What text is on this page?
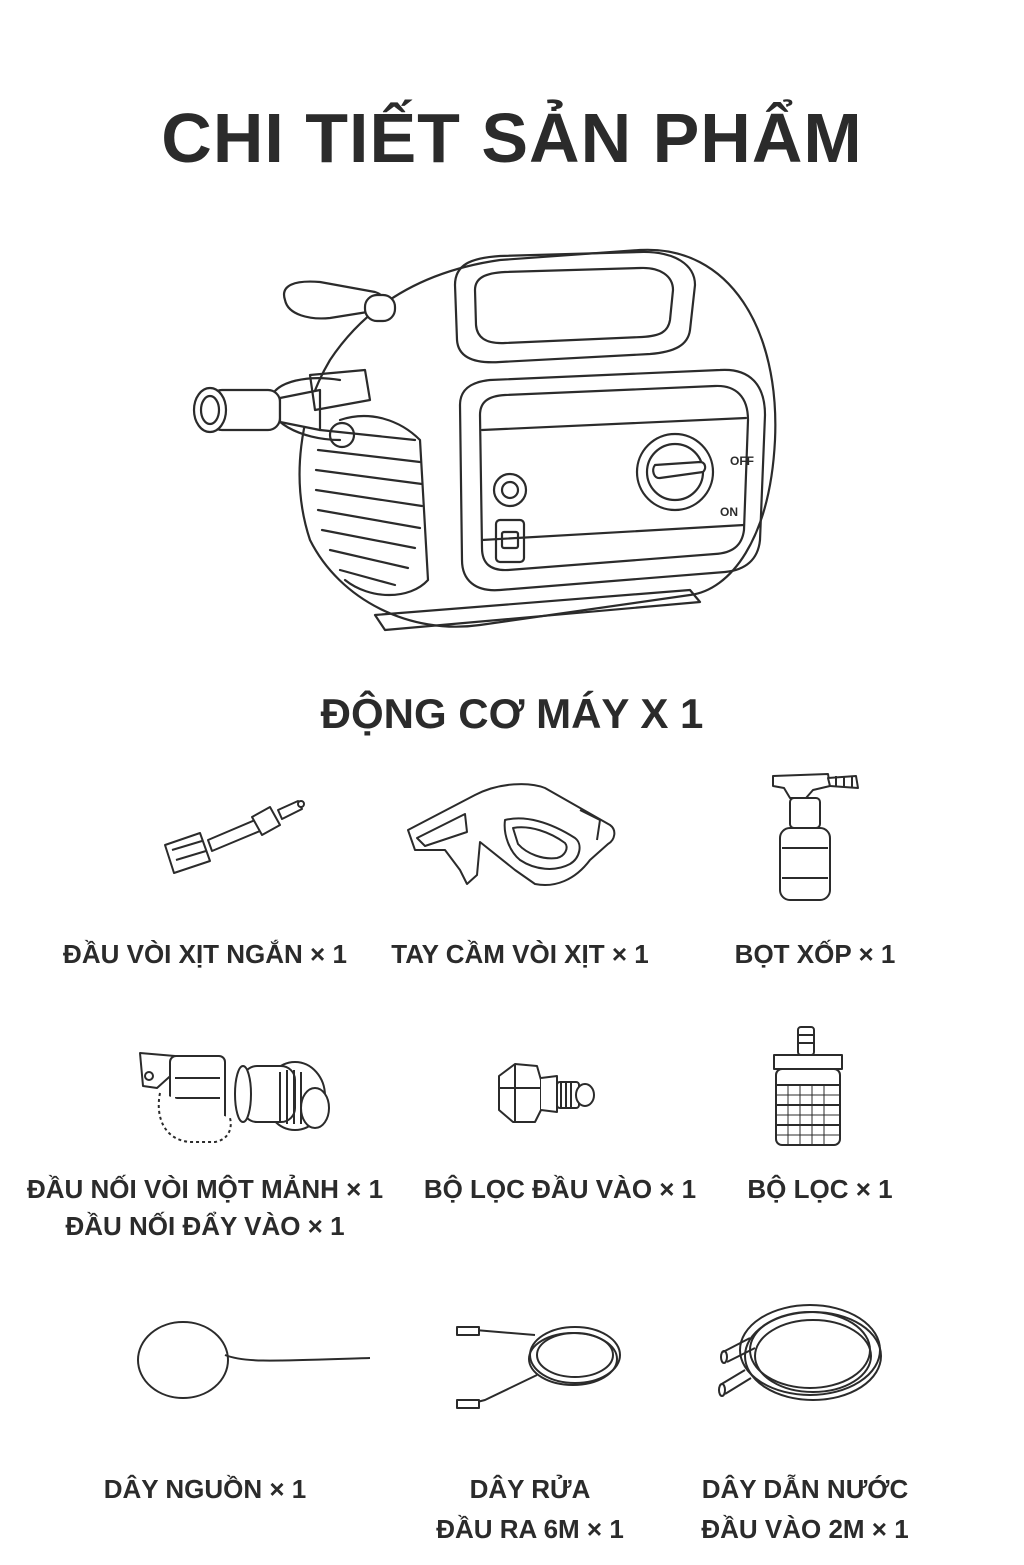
CHI TIẾT SẢN PHẨM
OFF
ON
ĐỘNG CƠ MÁY X 1
ĐẦU VÒI XỊT NGẮN × 1	TAY CẦM VÒI XỊT × 1	BỌT XỐP × 1
ĐẦU NỐI VÒI MỘT MẢNH × 1
ĐẦU NỐI ĐẨY VÀO × 1
BỘ LỌC ĐẦU VÀO × 1	BỘ LỌC × 1
DÂY NGUỒN × 1	DÂY RỬA
ĐẦU RA 6M × 1
DÂY DẪN NƯỚC
ĐẦU VÀO 2M × 1
